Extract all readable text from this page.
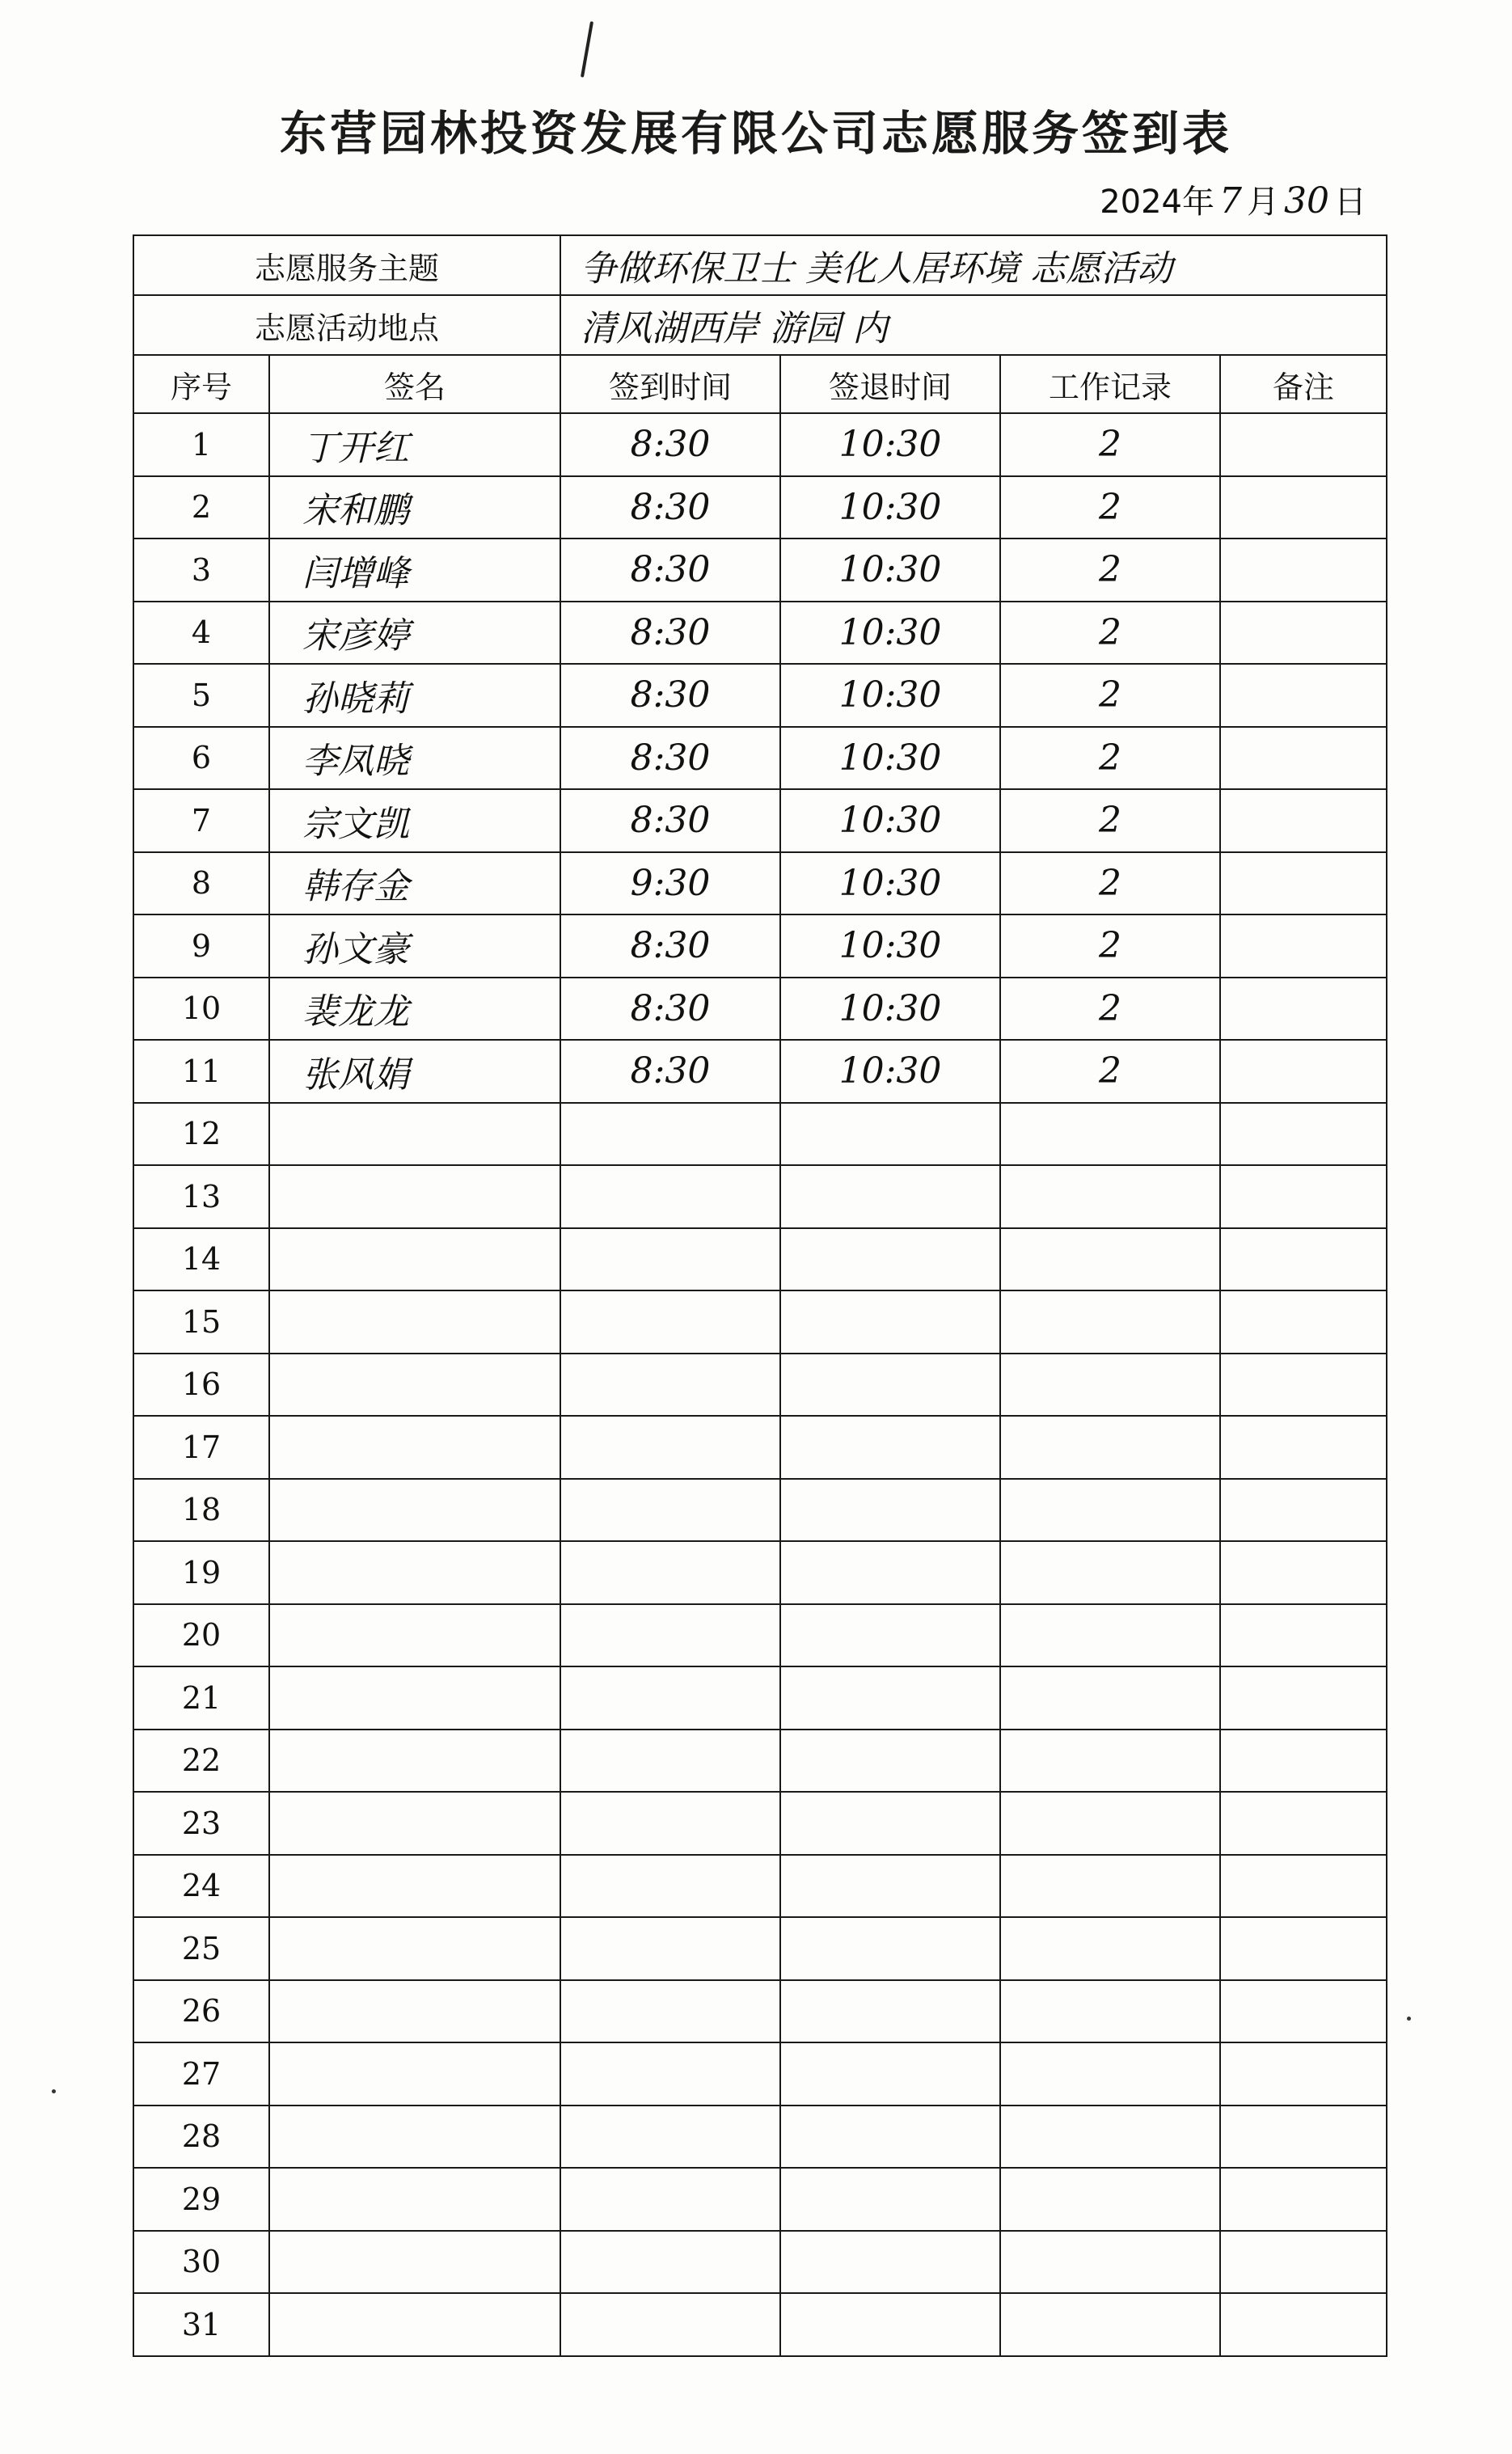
东营园林投资发展有限公司志愿服务签到表
2024年 7 月 30 日
志愿服务主题		争做环保卫士 美化人居环境 志愿活动			
志愿活动地点		清风湖西岸 游园 内			
序号	签名	签到时间	签退时间	工作记录	备注
1	丁开红	8:30	10:30	2	
2	宋和鹏	8:30	10:30	2	
3	闫增峰	8:30	10:30	2	
4	宋彦婷	8:30	10:30	2	
5	孙晓莉	8:30	10:30	2	
6	李凤晓	8:30	10:30	2	
7	宗文凯	8:30	10:30	2	
8	韩存金	9:30	10:30	2	
9	孙文豪	8:30	10:30	2	
10	裴龙龙	8:30	10:30	2	
11	张风娟	8:30	10:30	2	
12					
13					
14					
15					
16					
17					
18					
19					
20					
21					
22					
23					
24					
25					
26					
27					
28					
29					
30					
31					
